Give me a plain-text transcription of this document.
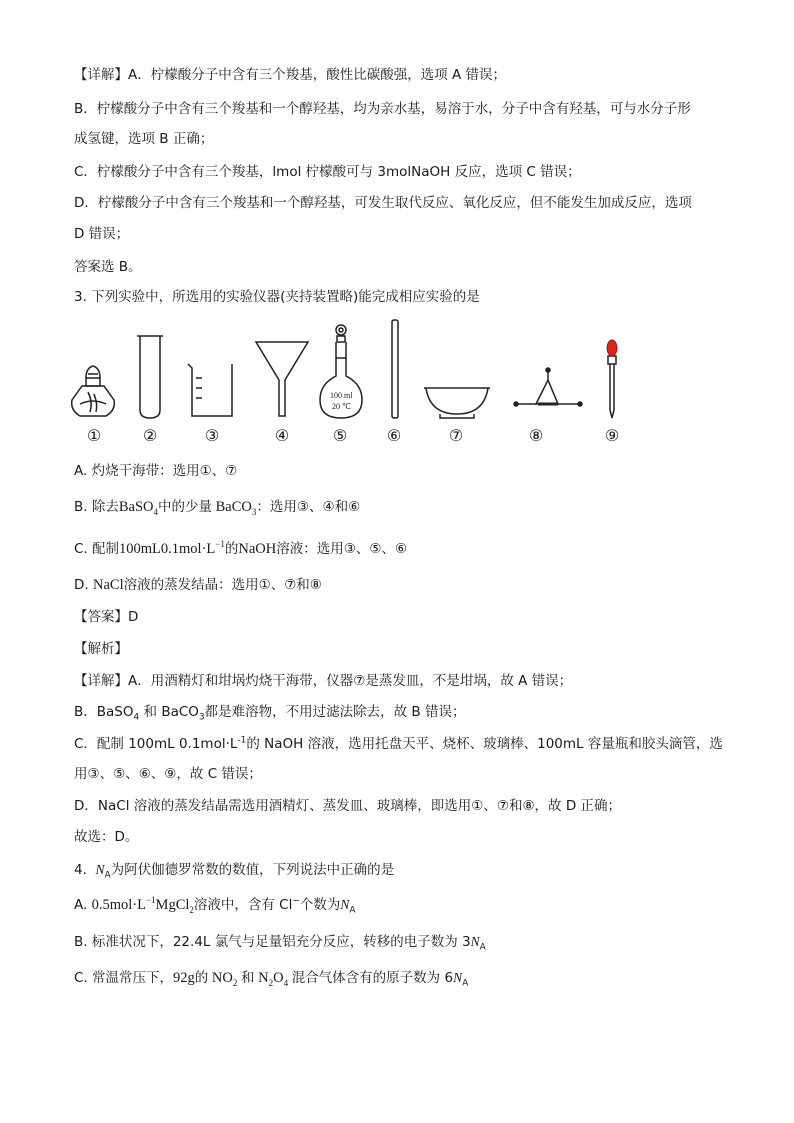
【详解】A．柠檬酸分子中含有三个羧基，酸性比碳酸强，选项 A 错误；
B．柠檬酸分子中含有三个羧基和一个醇羟基，均为亲水基，易溶于水，分子中含有羟基，可与水分子形
成氢键，选项 B 正确；
C．柠檬酸分子中含有三个羧基，lmol 柠檬酸可与 3molNaOH 反应，选项 C 错误；
D．柠檬酸分子中含有三个羧基和一个醇羟基，可发生取代反应、氧化反应，但不能发生加成反应，选项
D 错误；
答案选 B。
3. 下列实验中，所选用的实验仪器(夹持装置略)能完成相应实验的是
100 ml
20 ℃
①	②	③	④	⑤	⑥	⑦	⑧	⑨
A. 灼烧干海带：选用①、⑦
B. 除去BaSO$_4$中的少量 BaCO$_3$：选用③、④和⑥
C. 配制$100mL0.1mol\cdot L^{-1}$的NaOH溶液：选用③、⑤、⑥
D. NaCl溶液的蒸发结晶：选用①、⑦和⑧
【答案】D
【解析】
【详解】A．用酒精灯和坩埚灼烧干海带，仪器⑦是蒸发皿，不是坩埚，故 A 错误；
B．BaSO$_4$ 和 BaCO$_3$都是难溶物，不用过滤法除去，故 B 错误；
C．配制 100mL $0.1mol\cdot L^{-1}$的 NaOH 溶液，选用托盘天平、烧杯、玻璃棒、100mL 容量瓶和胶头滴管，选
用③、⑤、⑥、⑨，故 C 错误；
D．NaCl 溶液的蒸发结晶需选用酒精灯、蒸发皿、玻璃棒，即选用①、⑦和⑧，故 D 正确；
故选：D。
4.  $N_A$为阿伏伽德罗常数的数值，下列说法中正确的是
A. $0.5mol\cdot L^{-1}MgCl_2$溶液中，含有 Cl−个数为$N_A$
B. 标准状况下，22.4L 氯气与足量铝充分反应，转移的电子数为 $3N_A$
C. 常温常压下，92g的 $NO_2$ 和 $N_2O_4$ 混合气体含有的原子数为 $6N_A$
